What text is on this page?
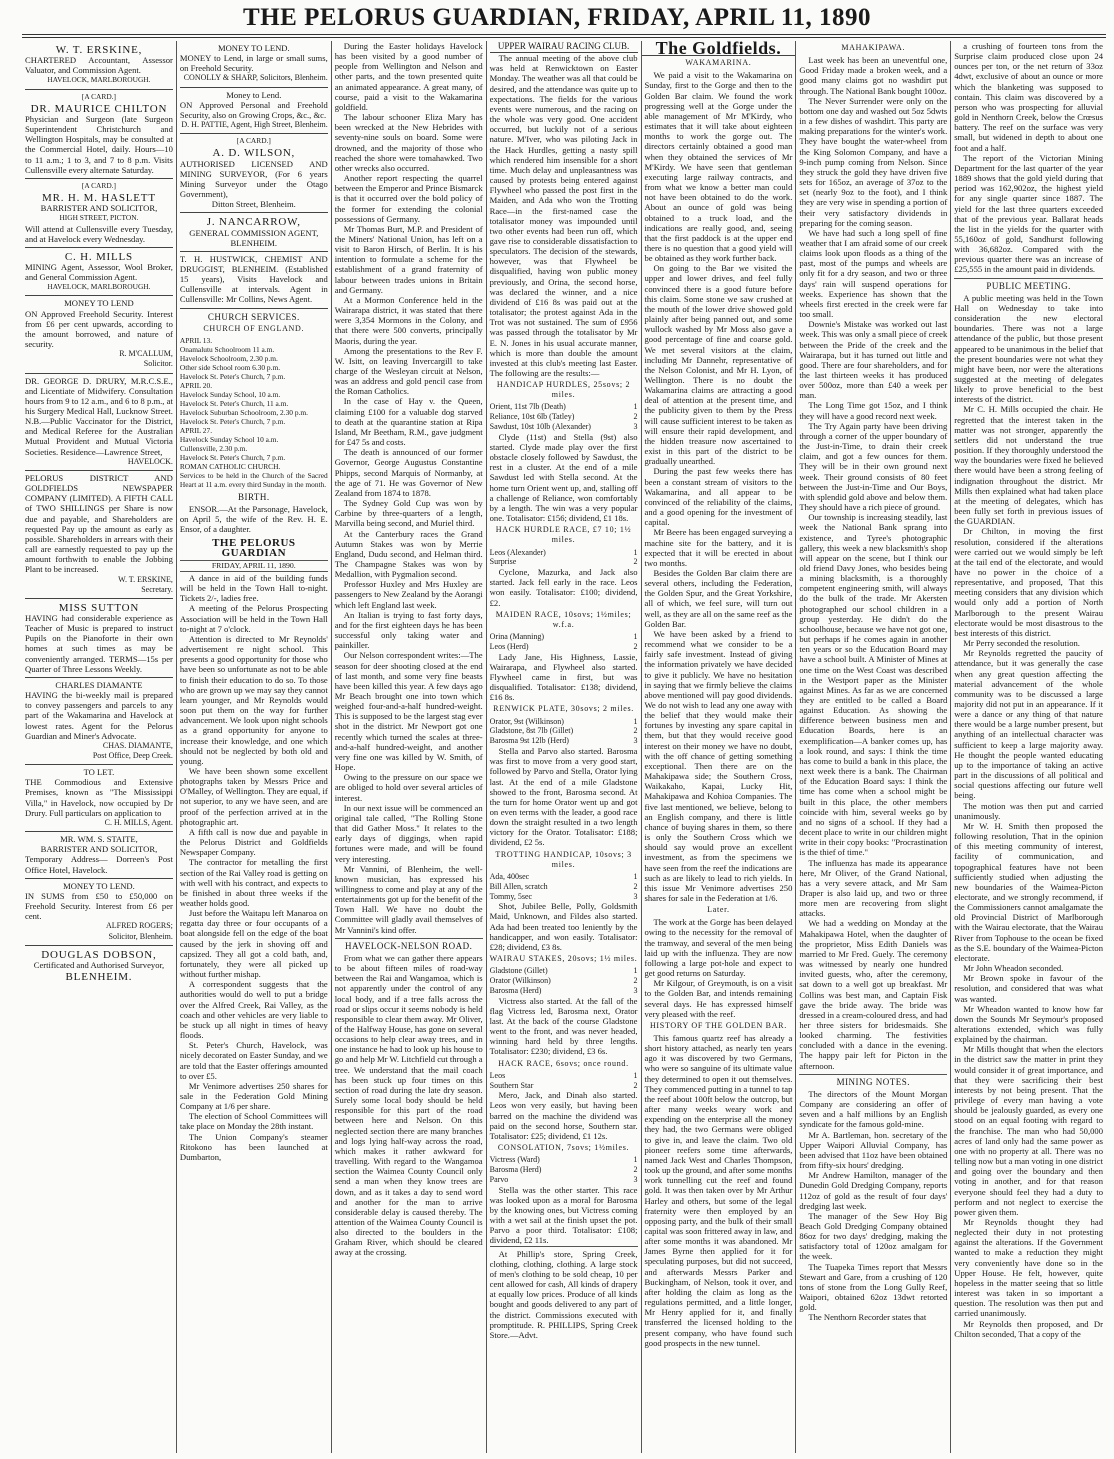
THE PELORUS GUARDIAN, FRIDAY, APRIL 11, 1890
W. T. ERSKINE,

CHARTERED Accountant, Assessor Valuator, and Commission Agent.

HAVELOCK, MARLBOROUGH.
[A CARD.]
DR. MAURICE CHILTON

Physician and Surgeon (late Surgeon Superintendent Christchurch and Wellington Hospitals, may be consulted at the Commercial Hotel, daily. Hours—10 to 11 a.m.; 1 to 3, and 7 to 8 p.m. Visits Cullensville every alternate Saturday.

[A CARD.]
MR. H. M. HASLETT
BARRISTER AND SOLICITOR,
HIGH STREET, PICTON.

Will attend at Cullensville every Tuesday, and at Havelock every Wednesday.

C. H. MILLS

MINING Agent, Assessor, Wool Broker, and General Commission Agent.

HAVELOCK, MARLBOROUGH.
MONEY TO LEND

ON Approved Freehold Security. Interest from £6 per cent upwards, according to the amount borrowed, and nature of security.

R. M'CALLUM,
Solicitor.

DR. GEORGE D. DRURY, M.R.C.S.E., and Licentiate of Midwifery. Consultation hours from 9 to 12 a.m., and 6 to 8 p.m., at his Surgery Medical Hall, Lucknow Street. N.B.—Public Vaccinator for the District, and Medical Referee for the Australian Mutual Provident and Mutual Victoria Societies. Residence—Lawrence Street,

HAVELOCK.

PELORUS DISTRICT AND GOLDFIELDS NEWSPAPER COMPANY (LIMITED). A FIFTH CALL of TWO SHILLINGS per Share is now due and payable, and Shareholders are requested Pay up the amount as early as possible. Shareholders in arrears with their call are earnestly requested to pay up the amount forthwith to enable the Jobbing Plant to be increased.

W. T. ERSKINE,
Secretary.
MISS SUTTON

HAVING had considerable experience as Teacher of Music is prepared to instruct Pupils on the Pianoforte in their own homes at such times as may be conveniently arranged. TERMS—15s per Quarter of Three Lessons Weekly.

CHARLES DIAMANTE

HAVING the bi-weekly mail is prepared to convey passengers and parcels to any part of the Wakamarina and Havelock at lowest rates. Agent for the Pelorus Guardian and Miner's Advocate.

CHAS. DIAMANTE,
Post Office, Deep Creek.
TO LET.

THE Commodious and Extensive Premises, known as "The Mississippi Villa," in Havelock, now occupied by Dr Drury. Full particulars on application to

C. H. MILLS, Agent.
MR. WM. S. STAITE,
BARRISTER AND SOLICITOR,

Temporary Address— Dorreen's Post Office Hotel, Havelock.

MONEY TO LEND.

IN SUMS from £50 to £50,000 on Freehold Security. Interest from £6 per cent.

ALFRED ROGERS;
Solicitor, Blenheim.
DOUGLAS DOBSON,
Certificated and Authorised Surveyor,
BLENHEIM.
MONEY TO LEND.

MONEY to Lend, in large or small sums, on Freehold Security.

CONOLLY & SHARP, Solicitors, Blenheim.
Money to Lend.

ON Approved Personal and Freehold Security, also on Growing Crops, &c., &c.

D. H. PATTIE, Agent, High Street, Blenheim.
[A CARD.]
A. D. WILSON,

AUTHORISED LICENSED AND MINING SURVEYOR, (For 6 years Mining Surveyor under the Otago Government),

Ditton Street, Blenheim.
J. NANCARROW,
GENERAL COMMISSION AGENT,
BLENHEIM.

T. H. HUSTWICK, CHEMIST AND DRUGGIST, BLENHEIM. (Established 15 years), Visits Havelock and Cullensville at intervals. Agent in Cullensville: Mr Collins, News Agent.

CHURCH SERVICES.
CHURCH OF ENGLAND.

APRIL 13.

Onamalutu Schoolroom 11 a.m.

Havelock Schoolroom, 2.30 p.m.

Other side School room 6.30 p.m.

Havelock St. Peter's Church, 7 p.m.

APRIL 20.

Havelock Sunday School, 10 a.m.

Havelock St. Peter's Church, 11 a.m.

Havelock Suburban Schoolroom, 2.30 p.m.

Havelock St. Peter's Church, 7 p.m.

APRIL 27.

Havelock Sunday School 10 a.m.

Cullensville, 2.30 p.m.

Havelock St. Peter's Church, 7 p.m.

ROMAN CATHOLIC CHURCH.

Services to be held in the Church of the Sacred Heart at 11 a.m. every third Sunday in the month.

BIRTH.

ENSOR.—At the Parsonage, Havelock, on April 5, the wife of the Rev. H. E. Ensor, of a daughter.

THE PELORUS GUARDIAN
FRIDAY, APRIL 11, 1890.

A dance in aid of the building funds will be held in the Town Hall to-night. Tickets 2/-, ladies free.

A meeting of the Pelorus Prospecting Association will be held in the Town Hall to-night at 7 o'clock.

Attention is directed to Mr Reynolds' advertisement re night school. This presents a good opportunity for those who have been so unfortunate as not to be able to finish their education to do so. To those who are grown up we may say they cannot learn younger, and Mr Reynolds would soon put them on the way for further advancement. We look upon night schools as a grand opportunity for anyone to increase their knowledge, and one which should not be neglected by both old and young.

We have been shown some excellent photographs taken by Messrs Price and O'Malley, of Wellington. They are equal, if not superior, to any we have seen, and are proof of the perfection arrived at in the photographic art.

A fifth call is now due and payable in the Pelorus District and Goldfields Newspaper Company.

The contractor for metalling the first section of the Rai Valley road is getting on with well with his contract, and expects to be finished in about three weeks if the weather holds good.

Just before the Waitapu left Manaroa on regatta day three or four occupants of a boat alongside fell on the edge of the boat caused by the jerk in shoving off and capsized. They all got a cold bath, and, fortunately, they were all picked up without further mishap.

A correspondent suggests that the authorities would do well to put a bridge over the Alfred Creek, Rai Valley, as the coach and other vehicles are very liable to be stuck up all night in times of heavy floods.

St. Peter's Church, Havelock, was nicely decorated on Easter Sunday, and we are told that the Easter offerings amounted to over £5.

Mr Venimore advertises 250 shares for sale in the Federation Gold Mining Company at 1/6 per share.

The election of School Committees will take place on Monday the 28th instant.

The Union Company's steamer Ritokono has been launched at Dumbarton,

During the Easter holidays Havelock has been visited by a good number of people from Wellington and Nelson and other parts, and the town presented quite an animated appearance. A great many, of course, paid a visit to the Wakamarina goldfield.

The labour schooner Eliza Mary has been wrecked at the New Hebrides with seventy-nine souls on board. Some were drowned, and the majority of those who reached the shore were tomahawked. Two other wrecks also occurred.

Another report respecting the quarrel between the Emperor and Prince Bismarck is that it occurred over the bold policy of the former for extending the colonial possessions of Germany.

Mr Thomas Burt, M.P. and President of the Miners' National Union, has left on a visit to Baron Hirsch, of Berlin. It is his intention to formulate a scheme for the establishment of a grand fraternity of labour between trades unions in Britain and Germany.

At a Mormon Conference held in the Wairarapa district, it was stated that there were 3,354 Mormons in the Colony, and that there were 500 converts, principally Maoris, during the year.

Among the presentations to the Rev F. W. Isitt, on leaving Invercargill to take charge of the Wesleyan circuit at Nelson, was an address and gold pencil case from the Roman Catholics.

In the case of Hay v. the Queen, claiming £100 for a valuable dog starved to death at the quarantine station at Ripa Island, Mr Beetham, R.M., gave judgment for £47 5s and costs.

The death is announced of our former Governor, George Augustus Constantine Phipps, second Marquis of Normanby, at the age of 71. He was Governor of New Zealand from 1874 to 1878.

The Sydney Gold Cup was won by Carbine by three-quarters of a length, Marvilla being second, and Muriel third.

At the Canterbury races the Grand Autumn Stakes was won by Merrie England, Dudu second, and Helman third. The Champagne Stakes was won by Medallion, with Pygmalion second.

Professor Huxley and Mrs Huxley are passengers to New Zealand by the Aorangi which left England last week.

An Italian is trying to fast forty days, and for the first eighteen days he has been successful only taking water and painkiller.

Our Nelson correspondent writes:—The season for deer shooting closed at the end of last month, and some very fine beasts have been killed this year. A few days ago Mr Beach brought one into town which weighed four-and-a-half hundred-weight. This is supposed to be the largest stag ever shot in the district. Mr Newport got one recently which turned the scales at three-and-a-half hundred-weight, and another very fine one was killed by W. Smith, of Hope.

Owing to the pressure on our space we are obliged to hold over several articles of interest.

In our next issue will be commenced an original tale called, "The Rolling Stone that did Gather Moss." It relates to the early days of diggings, when rapid fortunes were made, and will be found very interesting.

Mr Vannini, of Blenheim, the well-known musician, has expressed his willingness to come and play at any of the entertainments got up for the benefit of the Town Hall. We have no doubt the Committee will gladly avail themselves of Mr Vannini's kind offer.

HAVELOCK-NELSON ROAD.

From what we can gather there appears to be about fifteen miles of road-way between the Rai and Wangamoa, which is not apparently under the control of any local body, and if a tree falls across the road or slips occur it seems nobody is held responsible to clear them away. Mr Oliver, of the Halfway House, has gone on several occasions to help clear away trees, and in one instance he had to look up his house to go and help Mr W. Litchfield cut through a tree. We understand that the mail coach has been stuck up four times on this section of road during the late dry season. Surely some local body should be held responsible for this part of the road between here and Nelson. On this neglected section there are many branches and logs lying half-way across the road, which makes it rather awkward for travelling. With regard to the Wangamoa section the Waimea County Council only send a man when they know trees are down, and as it takes a day to send word and another for the man to arrive considerable delay is caused thereby. The attention of the Waimea County Council is also directed to the boulders in the Graham River, which should be cleared away at the crossing.

UPPER WAIRAU RACING CLUB.

The annual meeting of the above club was held at Renwicktown on Easter Monday. The weather was all that could be desired, and the attendance was quite up to expectations. The fields for the various events were numerous, and the racing on the whole was very good. One accident occurred, but luckily not of a serious nature. M'Iver, who was piloting Jack in the Hack Hurdles, getting a nasty spill which rendered him insensible for a short time. Much delay and unpleasantness was caused by protests being entered against Flywheel who passed the post first in the Maiden, and Ada who won the Trotting Race—in the first-named case the totalisator money was impounded until two other events had been run off, which gave rise to considerable dissatisfaction to speculators. The decision of the stewards, however, was that Flywheel be disqualified, having won public money previously, and Orina, the second horse, was declared the winner, and a nice dividend of £16 8s was paid out at the totalisator; the protest against Ada in the Trot was not sustained. The sum of £956 was passed through the totalisator by Mr E. N. Jones in his usual accurate manner, which is more than double the amount invested at this club's meeting last Easter. The following are the results:—

HANDICAP HURDLES, 25sovs; 2 miles.
Orient, 11st 7lb (Death)	1
Reliance, 10st 6lb (Tatley)	2
Sawdust, 10st 10lb (Alexander)	3

Clyde (11st) and Stella (9st) also started. Clyde made play over the first obstacle closely followed by Sawdust, the rest in a cluster. At the end of a mile Sawdust led with Stella second. At the home turn Orient went up, and, stalling off a challenge of Reliance, won comfortably by a length. The win was a very popular one. Totalisator: £156; dividend, £1 18s.

HACK HURDLE RACE, £7 10; 1½ miles.
Leos (Alexander)	1
Surprise	2

Cyclone, Mazurka, and Jack also started. Jack fell early in the race. Leos won easily. Totalisator: £100; dividend, £2.

MAIDEN RACE, 10sovs; 1½miles; w.f.a.
Orina (Manning)	1
Leos (Herd)	2

Lady Jane, His Highness, Lassie, Wairarapa, and Flywheel also started. Flywheel came in first, but was disqualified. Totalisator: £138; dividend, £16 8s.

RENWICK PLATE, 30sovs; 2 miles.
Orator, 9st (Wilkinson)	1
Gladstone, 8st 7lb (Gillet)	2
Barosma 9st 12lb (Herd)	3

Stella and Parvo also started. Barosma was first to move from a very good start, followed by Parvo and Stella, Orator lying last. At the end of a mile Gladstone showed to the front, Barosma second. At the turn for home Orator went up and got on even terms with the leader, a good race down the straight resulted in a two length victory for the Orator. Totalisator: £188; dividend, £2 5s.

TROTTING HANDICAP, 10sovs; 3 miles.
Ada, 400sec	1
Bill Allen, scratch	2
Tommy, 5sec	3

Shot, Jubilee Belle, Polly, Goldsmith Maid, Unknown, and Fildes also started. Ada had been treated too leniently by the handicapper, and won easily. Totalisator: £28; dividend, £3 8s.

WAIRAU STAKES, 20sovs; 1½ miles.
Gladstone (Gillet)	1
Orator (Wilkinson)	2
Barosma (Herd)	3

Victress also started. At the fall of the flag Victress led, Barosma next, Orator last. At the back of the course Gladstone went to the front, and was never headed, winning hard held by three lengths. Totalisator: £230; dividend, £3 6s.

HACK RACE, 6sovs; once round.
Leos	1
Southern Star	2

Mero, Jack, and Dinah also started. Leos won very easily, but having been barred on the machine the dividend was paid on the second horse, Southern star. Totalisator: £25; dividend, £1 12s.

CONSOLATION, 7sovs; 1½miles.
Victress (Ward)	1
Barosma (Herd)	2
Parvo	3

Stella was the other starter. This race was looked upon as a moral for Barosma by the knowing ones, but Victress coming with a wet sail at the finish upset the pot. Parvo a poor third. Totalisator: £108; dividend, £2 11s.

At Phillip's store, Spring Creek, clothing, clothing, clothing. A large stock of men's clothing to be sold cheap, 10 per cent allowed for cash, All kinds of drapery at equally low prices. Produce of all kinds bought and goods delivered to any part of the district. Commissions executed with promptitude. R. PHILLIPS, Spring Creek Store.—Advt.

The Goldfields.
WAKAMARINA.

We paid a visit to the Wakamarina on Sunday, first to the Gorge and then to the Golden Bar claim. We found the work progressing well at the Gorge under the able management of Mr M'Kirdy, who estimates that it will take about eighteen months to work the gorge out. The directors certainly obtained a good man when they obtained the services of Mr M'Kirdy. We have seen that gentleman executing large railway contracts, and from what we know a better man could not have been obtained to do the work. About an ounce of gold was being obtained to a truck load, and the indications are really good, and, seeing that the first paddock is at the upper end there is no question that a good yield will be obtained as they work further back.

On going to the Bar we visited the upper and lower drives, and feel fully convinced there is a good future before this claim. Some stone we saw crushed at the mouth of the lower drive showed gold plainly after being panned out, and some wullock washed by Mr Moss also gave a good percentage of fine and coarse gold. We met several visitors at the claim, including Mr Dannehr, representative of the Nelson Colonist, and Mr H. Lyon, of Wellington. There is no doubt the Wakamarina claims are attracting a good deal of attention at the present time, and the publicity given to them by the Press will cause sufficient interest to be taken as will ensure their rapid development, and the hidden treasure now ascertained to exist in this part of the district to be gradually unearthed.

During the past few weeks there has been a constant stream of visitors to the Wakamarina, and all appear to be convinced of the reliability of the claims, and a good opening for the investment of capital.

Mr Beere has been engaged surveying a machine site for the battery, and it is expected that it will be erected in about two months.

Besides the Golden Bar claim there are several others, including the Federation, the Golden Spur, and the Great Yorkshire, all of which, we feel sure, will turn out well, as they are all on the same reef as the Golden Bar.

We have been asked by a friend to recommend what we consider to be a fairly safe investment. Instead of giving the information privately we have decided to give it publicly. We have no hesitation in saying that we firmly believe the claims above mentioned will pay good dividends. We do not wish to lead any one away with the belief that they would make their fortunes by investing any spare capital in them, but that they would receive good interest on their money we have no doubt, with the off chance of getting something exceptional. Then there are on the Mahakipawa side; the Southern Cross, Waikakaho, Kapai, Lucky Hit, Mahakipawa and Kohioa Companies. The five last mentioned, we believe, belong to an English company, and there is little chance of buying shares in them, so there is only the Southern Cross which we should say would prove an excellent investment, as from the specimens we have seen from the reef the indications are such as are likely to lead to rich yields. In this issue Mr Venimore advertises 250 shares for sale in the Federation at 1/6.

Later.

The work at the Gorge has been delayed owing to the necessity for the removal of the tramway, and several of the men being laid up with the influenza. They are now following a large pot-hole and expect to get good returns on Saturday.

Mr Kilgour, of Greymouth, is on a visit to the Golden Bar, and intends remaining several days. He has expressed himself very pleased with the reef.

HISTORY OF THE GOLDEN BAR.

This famous quartz reef has already a short history attached, as nearly ten years ago it was discovered by two Germans, who were so sanguine of its ultimate value they determined to open it out themselves. They commenced putting in a tunnel to tap the reef about 100ft below the outcrop, but after many weeks weary work and expending on the enterprise all the money they had, the two Germans were obliged to give in, and leave the claim. Two old pioneer reefers some time afterwards, named Jack West and Charles Thompson, took up the ground, and after some months work tunnelling cut the reef and found gold. It was then taken over by Mr Arthur Harley and others, but some of the legal fraternity were then employed by an opposing party, and the bulk of their small capital was soon frittered away in law, and after some months it was abandoned. Mr James Byrne then applied for it for speculating purposes, but did not succeed, and afterwards Messrs Parker and Buckingham, of Nelson, took it over, and after holding the claim as long as the regulations permitted, and a little longer, Mr Henry applied for it, and finally transferred the licensed holding to the present company, who have found such good prospects in the new tunnel.

MAHAKIPAWA.

Last week has been an uneventful one, Good Friday made a broken week, and a good many claims got no washdirt put through. The National Bank bought 100oz.

The Never Surrender were only on the bottom one day and washed out 5oz 5dwts in a few dishes of washdirt. This party are making preparations for the winter's work. They have bought the water-wheel from the King Solomon Company, and have a 9-inch pump coming from Nelson. Since they struck the gold they have driven five sets for 165oz, an average of 37oz to the set (nearly 9oz to the foot), and I think they are very wise in spending a portion of their very satisfactory dividends in preparing for the coming season.

We have had such a long spell of fine weather that I am afraid some of our creek claims look upon floods as a thing of the past, most of the pumps and wheels are only fit for a dry season, and two or three days' rain will suspend operations for weeks. Experience has shown that the wheels first erected in the creek were far too small.

Downie's Mistake was worked out last week. This was only a small piece of creek between the Pride of the creek and the Wairarapa, but it has turned out little and good. There are four shareholders, and for the last thirteen weeks it has produced over 500oz, more than £40 a week per man.

The Long Time got 15oz, and I think they will have a good record next week.

The Try Again party have been driving through a corner of the upper boundary of the Just-in-Time, to drain their creek claim, and got a few ounces for them. They will be in their own ground next week. Their ground consists of 80 feet between the Just-in-Time and Our Boys, with splendid gold above and below them. They should have a rich piece of ground.

Our township is increasing steadily, last week the National Bank sprang into existence, and Tyree's photographic gallery, this week a new blacksmith's shop will appear on the scene, but I think our old friend Davy Jones, who besides being a mining blacksmith, is a thoroughly competent engineering smith, will always do the bulk of the trade. Mr Akersten photographed our school children in a group yesterday. He didn't do the schoolhouse, because we have not got one, but perhaps if he comes again in another ten years or so the Education Board may have a school built. A Minister of Mines at one time on the West Coast was described in the Westport paper as the Minister against Mines. As far as we are concerned they are entitled to be called a Board against Education. As showing the difference between business men and Education Boards, here is an exemplification—A banker comes up, has a look round, and says: I think the time has come to build a bank in this place, the next week there is a bank. The Chairman of the Education Board says: I think the time has come when a school might be built in this place, the other members coincide with him, several weeks go by and no signs of a school. If they had a decent place to write in our children might write in their copy books: "Procrastination is the thief of time."

The influenza has made its appearance here, Mr Oliver, of the Grand National, has a very severe attack, and Mr Sam Draper is also laid up, and two or three more men are recovering from slight attacks.

We had a wedding on Monday at the Mahakipawa Hotel, when the daughter of the proprietor, Miss Edith Daniels was married to Mr Fred. Guely. The ceremony was witnessed by nearly one hundred invited guests, who, after the ceremony, sat down to a well got up breakfast. Mr Collins was best man, and Captain Fisk gave the bride away. The bride was dressed in a cream-coloured dress, and had her three sisters for bridesmaids. She looked charming. The festivities concluded with a dance in the evening. The happy pair left for Picton in the afternoon.

MINING NOTES.

The directors of the Mount Morgan Company are considering an offer of seven and a half millions by an English syndicate for the famous gold-mine.

Mr A. Bartleman, hon. secretary of the Upper Waipori Alluvial Company, has been advised that 11oz have been obtained from fifty-six hours' dredging.

Mr Andrew Hamilton, manager of the Dunedin Gold Dredging Company, reports 112oz of gold as the result of four days' dredging last week.

The manager of the Sew Hoy Big Beach Gold Dredging Company obtained 86oz for two days' dredging, making the satisfactory total of 120oz amalgam for the week.

The Tuapeka Times report that Messrs Stewart and Gare, from a crushing of 120 tons of stone from the Long Gully Reef, Waipori, obtained 62oz 13dwt retorted gold.

The Nenthorn Recorder states that

a crushing of fourteen tons from the Surprise claim produced close upon 24 ounces per ton, or the net return of 33oz 4dwt, exclusive of about an ounce or more which the blanketing was supposed to contain. This claim was discovered by a person who was prospecting for alluvial gold in Nenthorn Creek, below the Crœsus battery. The reef on the surface was very small, but widened in depth to about one foot and a half.

The report of the Victorian Mining Department for the last quarter of the year 1889 shows that the gold yield during that period was 162,902oz, the highest yield for any single quarter since 1887. The yield for the last three quarters exceeded that of the previous year. Ballarat heads the list in the yields for the quarter with 55,160oz of gold, Sandhurst following with 36,682oz. Compared with the previous quarter there was an increase of £25,555 in the amount paid in dividends.

PUBLIC MEETING.

A public meeting was held in the Town Hall on Wednesday to take into consideration the new electoral boundaries. There was not a large attendance of the public, but those present appeared to be unanimous in the belief that the present boundaries were not what they might have been, nor were the alterations suggested at the meeting of delegates likely to prove beneficial to the best interests of the district.

Mr C. H. Mills occupied the chair. He regretted that the interest taken in the matter was not stronger, apparently the settlers did not understand the true position. If they thoroughly understood the way the boundaries were fixed he believed there would have been a strong feeling of indignation throughout the district. Mr Mills then explained what had taken place at the meeting of delegates, which has been fully set forth in previous issues of the GUARDIAN.

Dr Chilton, in moving the first resolution, considered if the alterations were carried out we would simply be left at the tail end of the electorate, and would have no power in the choice of a representative, and proposed, That this meeting considers that any division which would only add a portion of North Marlborough to the present Wairau electorate would be most disastrous to the best interests of this district.

Mr Perry seconded the resolution.

Mr Reynolds regretted the paucity of attendance, but it was generally the case when any great question affecting the material advancement of the whole community was to be discussed a large majority did not put in an appearance. If it were a dance or any thing of that nature there would be a large number present, but anything of an intellectual character was sufficient to keep a large majority away. He thought the people wanted educating up to the importance of taking an active part in the discussions of all political and social questions affecting our future well being.

The motion was then put and carried unanimously.

Mr W. H. Smith then proposed the following resolution, That in the opinion of this meeting community of interest, facility of communication, and topographical features have not been sufficiently studied when adjusting the new boundaries of the Waimea-Picton electorate, and we strongly recommend, if the Commissioners cannot amalgamate the old Provincial District of Marlborough with the Wairau electorate, that the Wairau River from Tophouse to the ocean be fixed as the S.E. boundary of the Waimea-Picton electorate.

Mr John Wheadon seconded.

Mr Brown spoke in favour of the resolution, and considered that was what was wanted.

Mr Wheadon wanted to know how far down the Sounds Mr Seymour's proposed alterations extended, which was fully explained by the chairman.

Mr Mills thought that when the electors in the district saw the matter in print they would consider it of great importance, and that they were sacrificing their best interests by not being present. That the privilege of every man having a vote should be jealously guarded, as every one stood on an equal footing with regard to the franchise. The man who had 50,000 acres of land only had the same power as one with no property at all. There was no telling now but a man voting in one district and going over the boundary and then voting in another, and for that reason everyone should feel they had a duty to perform and not neglect to exercise the power given them.

Mr Reynolds thought they had neglected their duty in not protesting against the alterations. If the Government wanted to make a reduction they might very conveniently have done so in the Upper House. He felt, however, quite hopeless in the matter seeing that so little interest was taken in so important a question. The resolution was then put and carried unanimously.

Mr Reynolds then proposed, and Dr Chilton seconded, That a copy of the
